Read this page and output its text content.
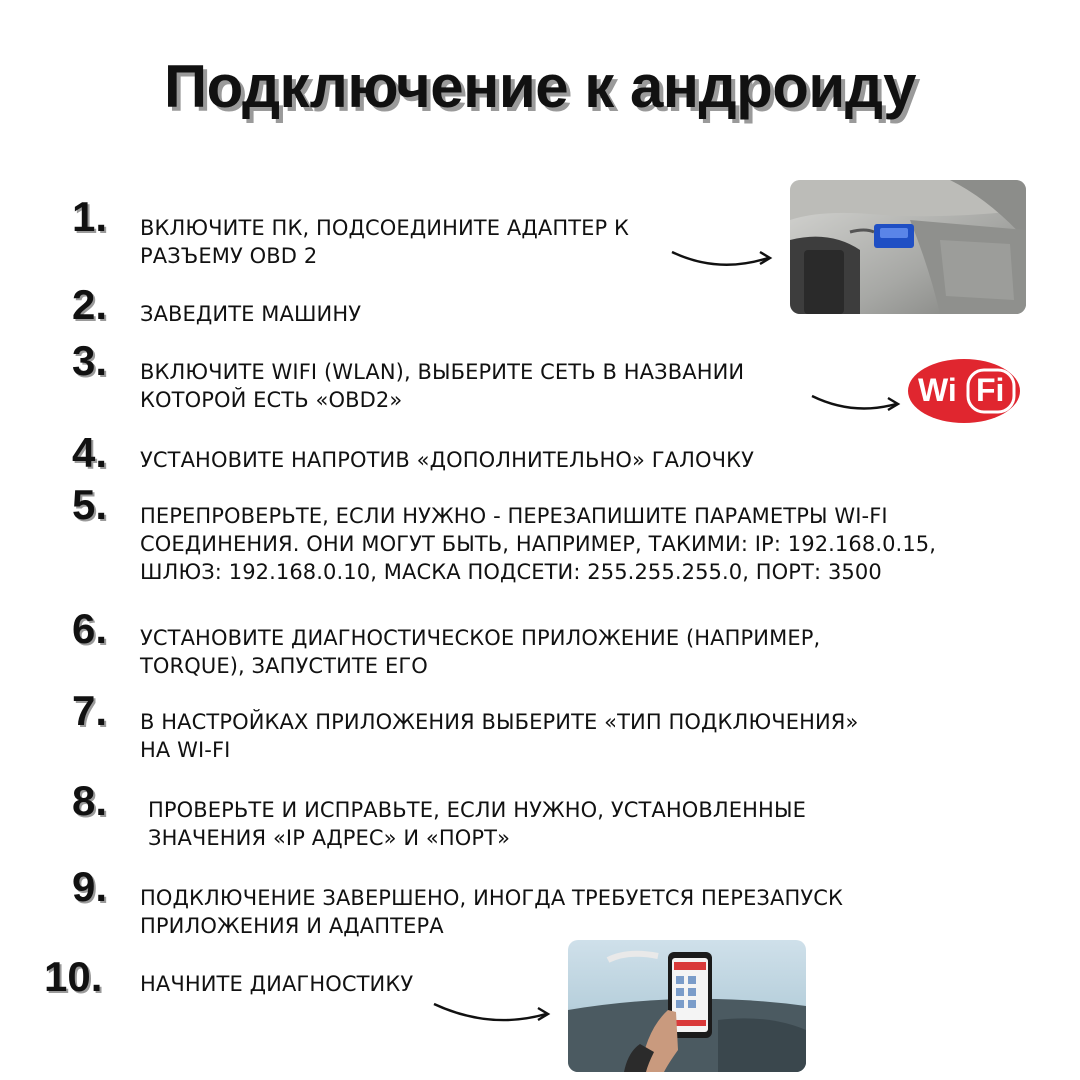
Подключение к андроиду
1. ВКЛЮЧИТЕ ПК, ПОДСОЕДИНИТЕ АДАПТЕР К
РАЗЪЕМУ OBD 2
2. ЗАВЕДИТЕ МАШИНУ
3. ВКЛЮЧИТЕ WIFI (WLAN), ВЫБЕРИТЕ СЕТЬ В НАЗВАНИИ
КОТОРОЙ ЕСТЬ «OBD2»
4. УСТАНОВИТЕ НАПРОТИВ «ДОПОЛНИТЕЛЬНО» ГАЛОЧКУ
5. ПЕРЕПРОВЕРЬТЕ, ЕСЛИ НУЖНО - ПЕРЕЗАПИШИТЕ ПАРАМЕТРЫ WI-FI
СОЕДИНЕНИЯ. ОНИ МОГУТ БЫТЬ, НАПРИМЕР, ТАКИМИ: IP: 192.168.0.15,
ШЛЮЗ: 192.168.0.10, МАСКА ПОДСЕТИ: 255.255.255.0, ПОРТ: 3500
6. УСТАНОВИТЕ ДИАГНОСТИЧЕСКОЕ ПРИЛОЖЕНИЕ (НАПРИМЕР,
TORQUE), ЗАПУСТИТЕ ЕГО
7. В НАСТРОЙКАХ ПРИЛОЖЕНИЯ ВЫБЕРИТЕ «ТИП ПОДКЛЮЧЕНИЯ»
НА WI-FI
8. ПРОВЕРЬТЕ И ИСПРАВЬТЕ, ЕСЛИ НУЖНО, УСТАНОВЛЕННЫЕ
ЗНАЧЕНИЯ «IP АДРЕС» И «ПОРТ»
9. ПОДКЛЮЧЕНИЕ ЗАВЕРШЕНО, ИНОГДА ТРЕБУЕТСЯ ПЕРЕЗАПУСК
ПРИЛОЖЕНИЯ И АДАПТЕРА
10. НАЧНИТЕ ДИАГНОСТИКУ
Wi Fi
